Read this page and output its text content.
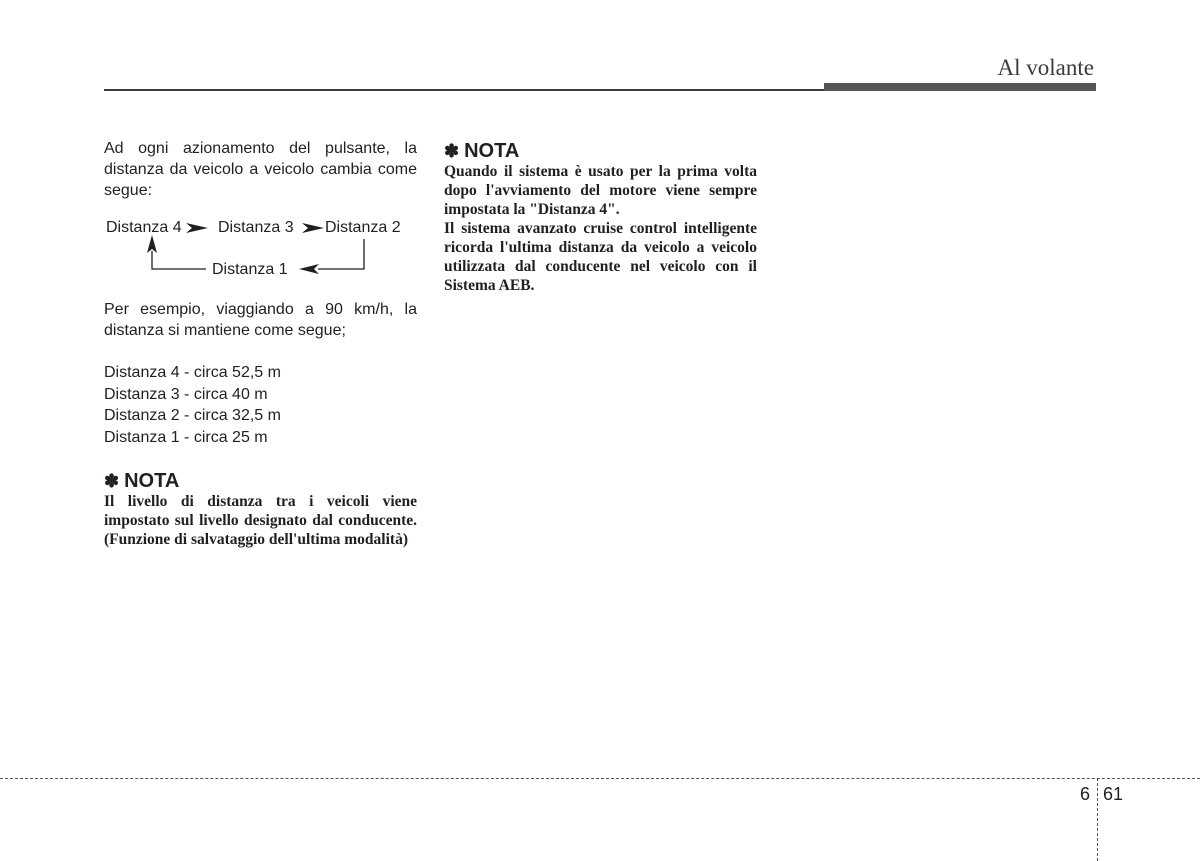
Al volante

Ad ogni azionamento del pulsante, la distanza da veicolo a veicolo cambia come segue:

Distanza 4 Distanza 3 Distanza 2
Distanza 1

Per esempio, viaggiando a 90 km/h, la distanza si mantiene come segue;

Distanza 4 - circa 52,5 m
Distanza 3 - circa 40 m
Distanza 2 - circa 32,5 m
Distanza 1 - circa 25 m

✽ NOTA

Il livello di distanza tra i veicoli viene impostato sul livello designato dal conducente. (Funzione di salvataggio dell'ultima modalità)

✽ NOTA

Quando il sistema è usato per la prima volta dopo l'avviamento del motore viene sempre impostata la "Distanza 4".

Il sistema avanzato cruise control intelligente ricorda l'ultima distanza da veicolo a veicolo utilizzata dal conducente nel veicolo con il Sistema AEB.

6 61
